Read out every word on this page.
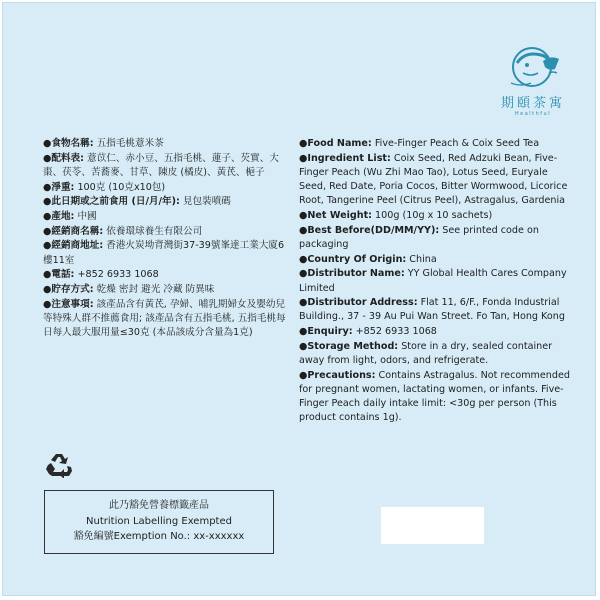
期頤茶寓
Healthful
●食物名稱: 五指毛桃薏米茶
●配料表: 薏苡仁、赤小豆、五指毛桃、蓮子、芡實、大棗、茯苓、苦蕎麥、甘草、陳皮 (橘皮)、黃芪、梔子
●淨重: 100克 (10克x10包)
●此日期或之前食用 (日/月/年): 見包裝噴碼
●產地: 中國
●經銷商名稱: 依養環球養生有限公司
●經銷商地址: 香港火炭坳背灣街37-39號峯達工業大廈6樓11室
●電話: +852 6933 1068
●貯存方式: 乾燥 密封 避光 冷藏 防異味
●注意事項: 該產品含有黃芪, 孕婦、哺乳期婦女及嬰幼兒等特殊人群不推薦食用; 該產品含有五指毛桃, 五指毛桃每日每人最大服用量≤30克 (本品該成分含量為1克)
●Food Name: Five-Finger Peach & Coix Seed Tea
●Ingredient List: Coix Seed, Red Adzuki Bean, Five-Finger Peach (Wu Zhi Mao Tao), Lotus Seed, Euryale Seed, Red Date, Poria Cocos, Bitter Wormwood, Licorice Root, Tangerine Peel (Citrus Peel), Astragalus, Gardenia
●Net Weight: 100g (10g x 10 sachets)
●Best Before(DD/MM/YY): See printed code on packaging
●Country Of Origin: China
●Distributor Name: YY Global Health Cares Company Limited
●Distributor Address: Flat 11, 6/F., Fonda Industrial Building., 37 - 39 Au Pui Wan Street. Fo Tan, Hong Kong
●Enquiry: +852 6933 1068
●Storage Method: Store in a dry, sealed container away from light, odors, and refrigerate.
●Precautions: Contains Astragalus. Not recommended for pregnant women, lactating women, or infants. Five-Finger Peach daily intake limit: <30g per person (This product contains 1g).
此乃豁免營養標籤產品
Nutrition Labelling Exempted
豁免編號Exemption No.: xx-xxxxxx
